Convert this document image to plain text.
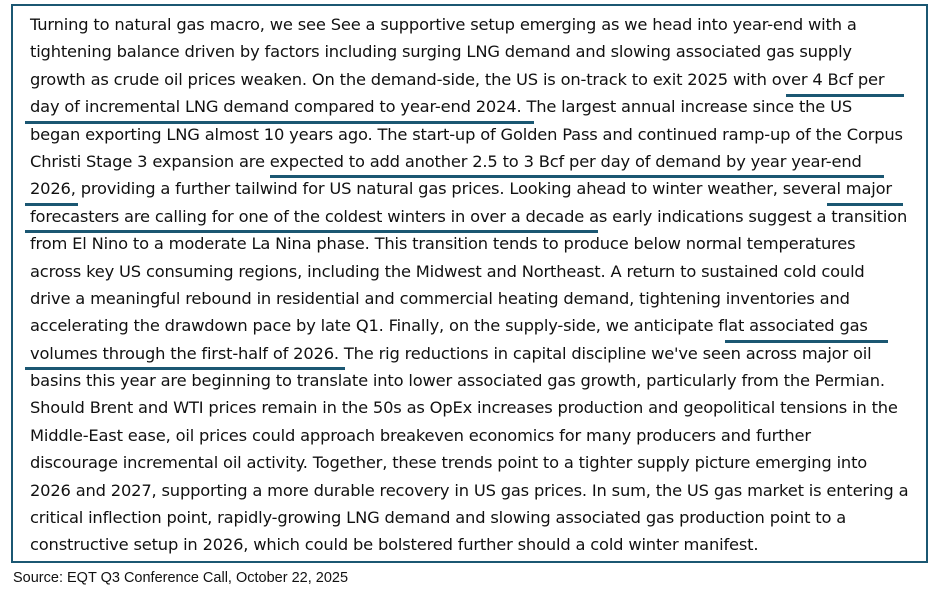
Turning to natural gas macro, we see See a supportive setup emerging as we head into year-end with a
tightening balance driven by factors including surging LNG demand and slowing associated gas supply
growth as crude oil prices weaken. On the demand-side, the US is on-track to exit 2025 with over 4 Bcf per
day of incremental LNG demand compared to year-end 2024. The largest annual increase since the US
began exporting LNG almost 10 years ago. The start-up of Golden Pass and continued ramp-up of the Corpus
Christi Stage 3 expansion are expected to add another 2.5 to 3 Bcf per day of demand by year year-end
2026, providing a further tailwind for US natural gas prices. Looking ahead to winter weather, several major
forecasters are calling for one of the coldest winters in over a decade as early indications suggest a transition
from El Nino to a moderate La Nina phase. This transition tends to produce below normal temperatures
across key US consuming regions, including the Midwest and Northeast. A return to sustained cold could
drive a meaningful rebound in residential and commercial heating demand, tightening inventories and
accelerating the drawdown pace by late Q1. Finally, on the supply-side, we anticipate flat associated gas
volumes through the first-half of 2026. The rig reductions in capital discipline we've seen across major oil
basins this year are beginning to translate into lower associated gas growth, particularly from the Permian.
Should Brent and WTI prices remain in the 50s as OpEx increases production and geopolitical tensions in the
Middle-East ease, oil prices could approach breakeven economics for many producers and further
discourage incremental oil activity. Together, these trends point to a tighter supply picture emerging into
2026 and 2027, supporting a more durable recovery in US gas prices. In sum, the US gas market is entering a
critical inflection point, rapidly-growing LNG demand and slowing associated gas production point to a
constructive setup in 2026, which could be bolstered further should a cold winter manifest.
Source: EQT Q3 Conference Call, October 22, 2025
